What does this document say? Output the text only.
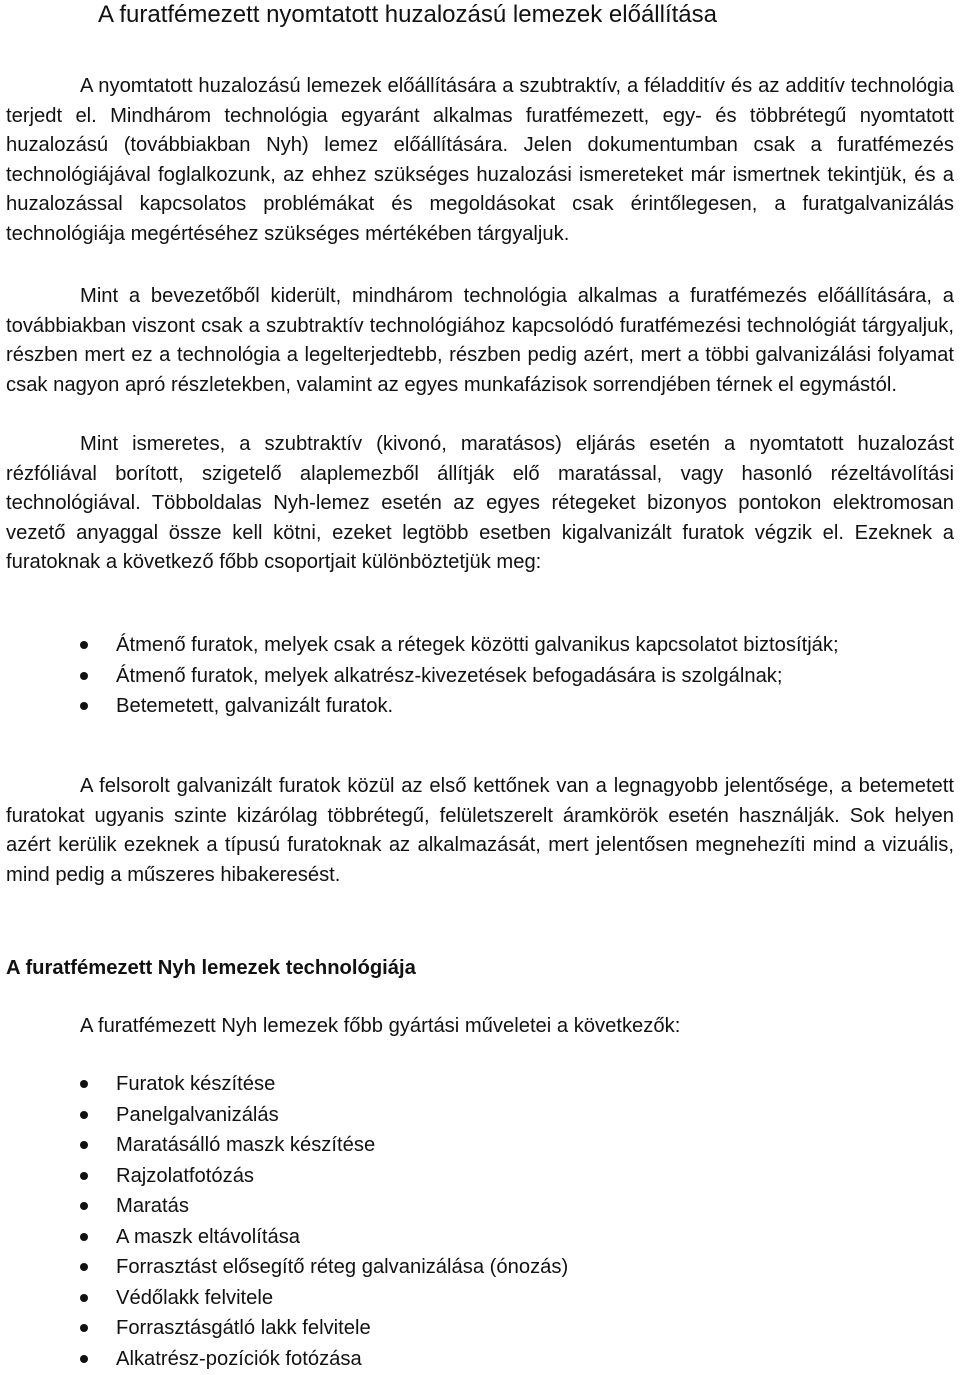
A furatfémezett nyomtatott huzalozású lemezek előállítása

A nyomtatott huzalozású lemezek előállítására a szubtraktív, a féladditív és az additív technológia terjedt el. Mindhárom technológia egyaránt alkalmas furatfémezett, egy- és többrétegű nyomtatott huzalozású (továbbiakban Nyh) lemez előállítására. Jelen dokumentumban csak a furatfémezés technológiájával foglalkozunk, az ehhez szükséges huzalozási ismereteket már ismertnek tekintjük, és a huzalozással kapcsolatos problémákat és megoldásokat csak érintőlegesen, a furatgalvanizálás technológiája megértéséhez szükséges mértékében tárgyaljuk.

Mint a bevezetőből kiderült, mindhárom technológia alkalmas a furatfémezés előállítására, a továbbiakban viszont csak a szubtraktív technológiához kapcsolódó furatfémezési technológiát tárgyaljuk, részben mert ez a technológia a legelterjedtebb, részben pedig azért, mert a többi galvanizálási folyamat csak nagyon apró részletekben, valamint az egyes munkafázisok sorrendjében térnek el egymástól.

Mint ismeretes, a szubtraktív (kivonó, maratásos) eljárás esetén a nyomtatott huzalozást rézfóliával borított, szigetelő alaplemezből állítják elő maratással, vagy hasonló rézeltávolítási technológiával. Többoldalas Nyh-lemez esetén az egyes rétegeket bizonyos pontokon elektromosan vezető anyaggal össze kell kötni, ezeket legtöbb esetben kigalvanizált furatok végzik el. Ezeknek a furatoknak a következő főbb csoportjait különböztetjük meg:

Átmenő furatok, melyek csak a rétegek közötti galvanikus kapcsolatot biztosítják;
Átmenő furatok, melyek alkatrész-kivezetések befogadására is szolgálnak;
Betemetett, galvanizált furatok.

A felsorolt galvanizált furatok közül az első kettőnek van a legnagyobb jelentősége, a betemetett furatokat ugyanis szinte kizárólag többrétegű, felületszerelt áramkörök esetén használják. Sok helyen azért kerülik ezeknek a típusú furatoknak az alkalmazását, mert jelentősen megnehezíti mind a vizuális, mind pedig a műszeres hibakeresést.

A furatfémezett Nyh lemezek technológiája

A furatfémezett Nyh lemezek főbb gyártási műveletei a következők:

Furatok készítése
Panelgalvanizálás
Maratásálló maszk készítése
Rajzolatfotózás
Maratás
A maszk eltávolítása
Forrasztást elősegítő réteg galvanizálása (ónozás)
Védőlakk felvitele
Forrasztásgátló lakk felvitele
Alkatrész-pozíciók fotózása
